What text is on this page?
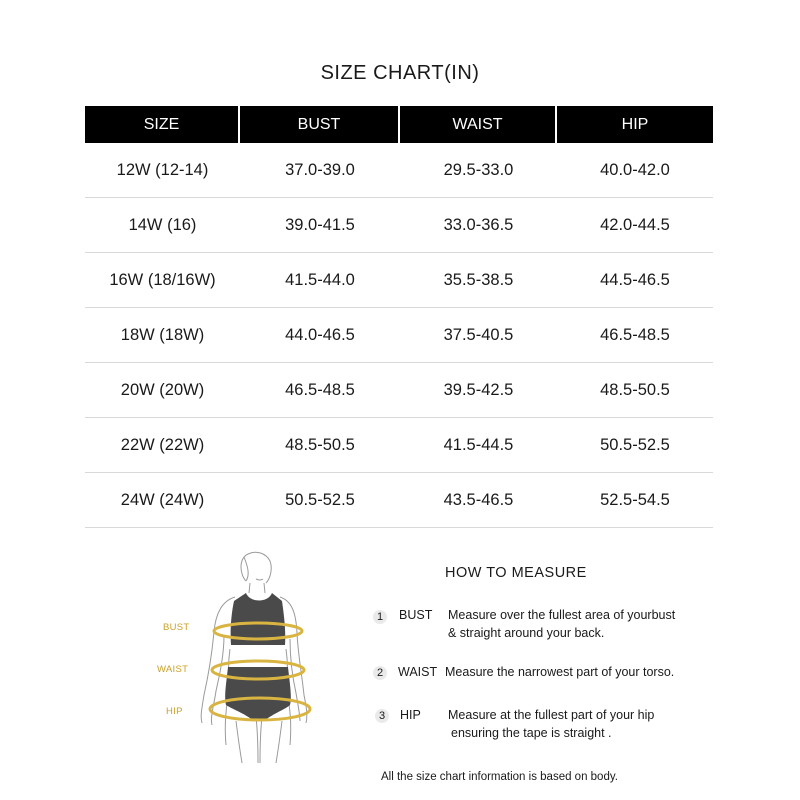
SIZE CHART(IN)
SIZE	BUST	WAIST	HIP
12W (12-14)	37.0-39.0	29.5-33.0	40.0-42.0
14W (16)	39.0-41.5	33.0-36.5	42.0-44.5
16W (18/16W)	41.5-44.0	35.5-38.5	44.5-46.5
18W (18W)	44.0-46.5	37.5-40.5	46.5-48.5
20W (20W)	46.5-48.5	39.5-42.5	48.5-50.5
22W (22W)	48.5-50.5	41.5-44.5	50.5-52.5
24W (24W)	50.5-52.5	43.5-46.5	52.5-54.5
BUST
WAIST
HIP
HOW TO MEASURE
1	BUST Measure over the fullest area of yourbust
& straight around your back.
2	WAIST Measure the narrowest part of your torso.
3	HIP Measure at the fullest part of your hip
ensuring the tape is straight .
All the size chart information is based on body.
